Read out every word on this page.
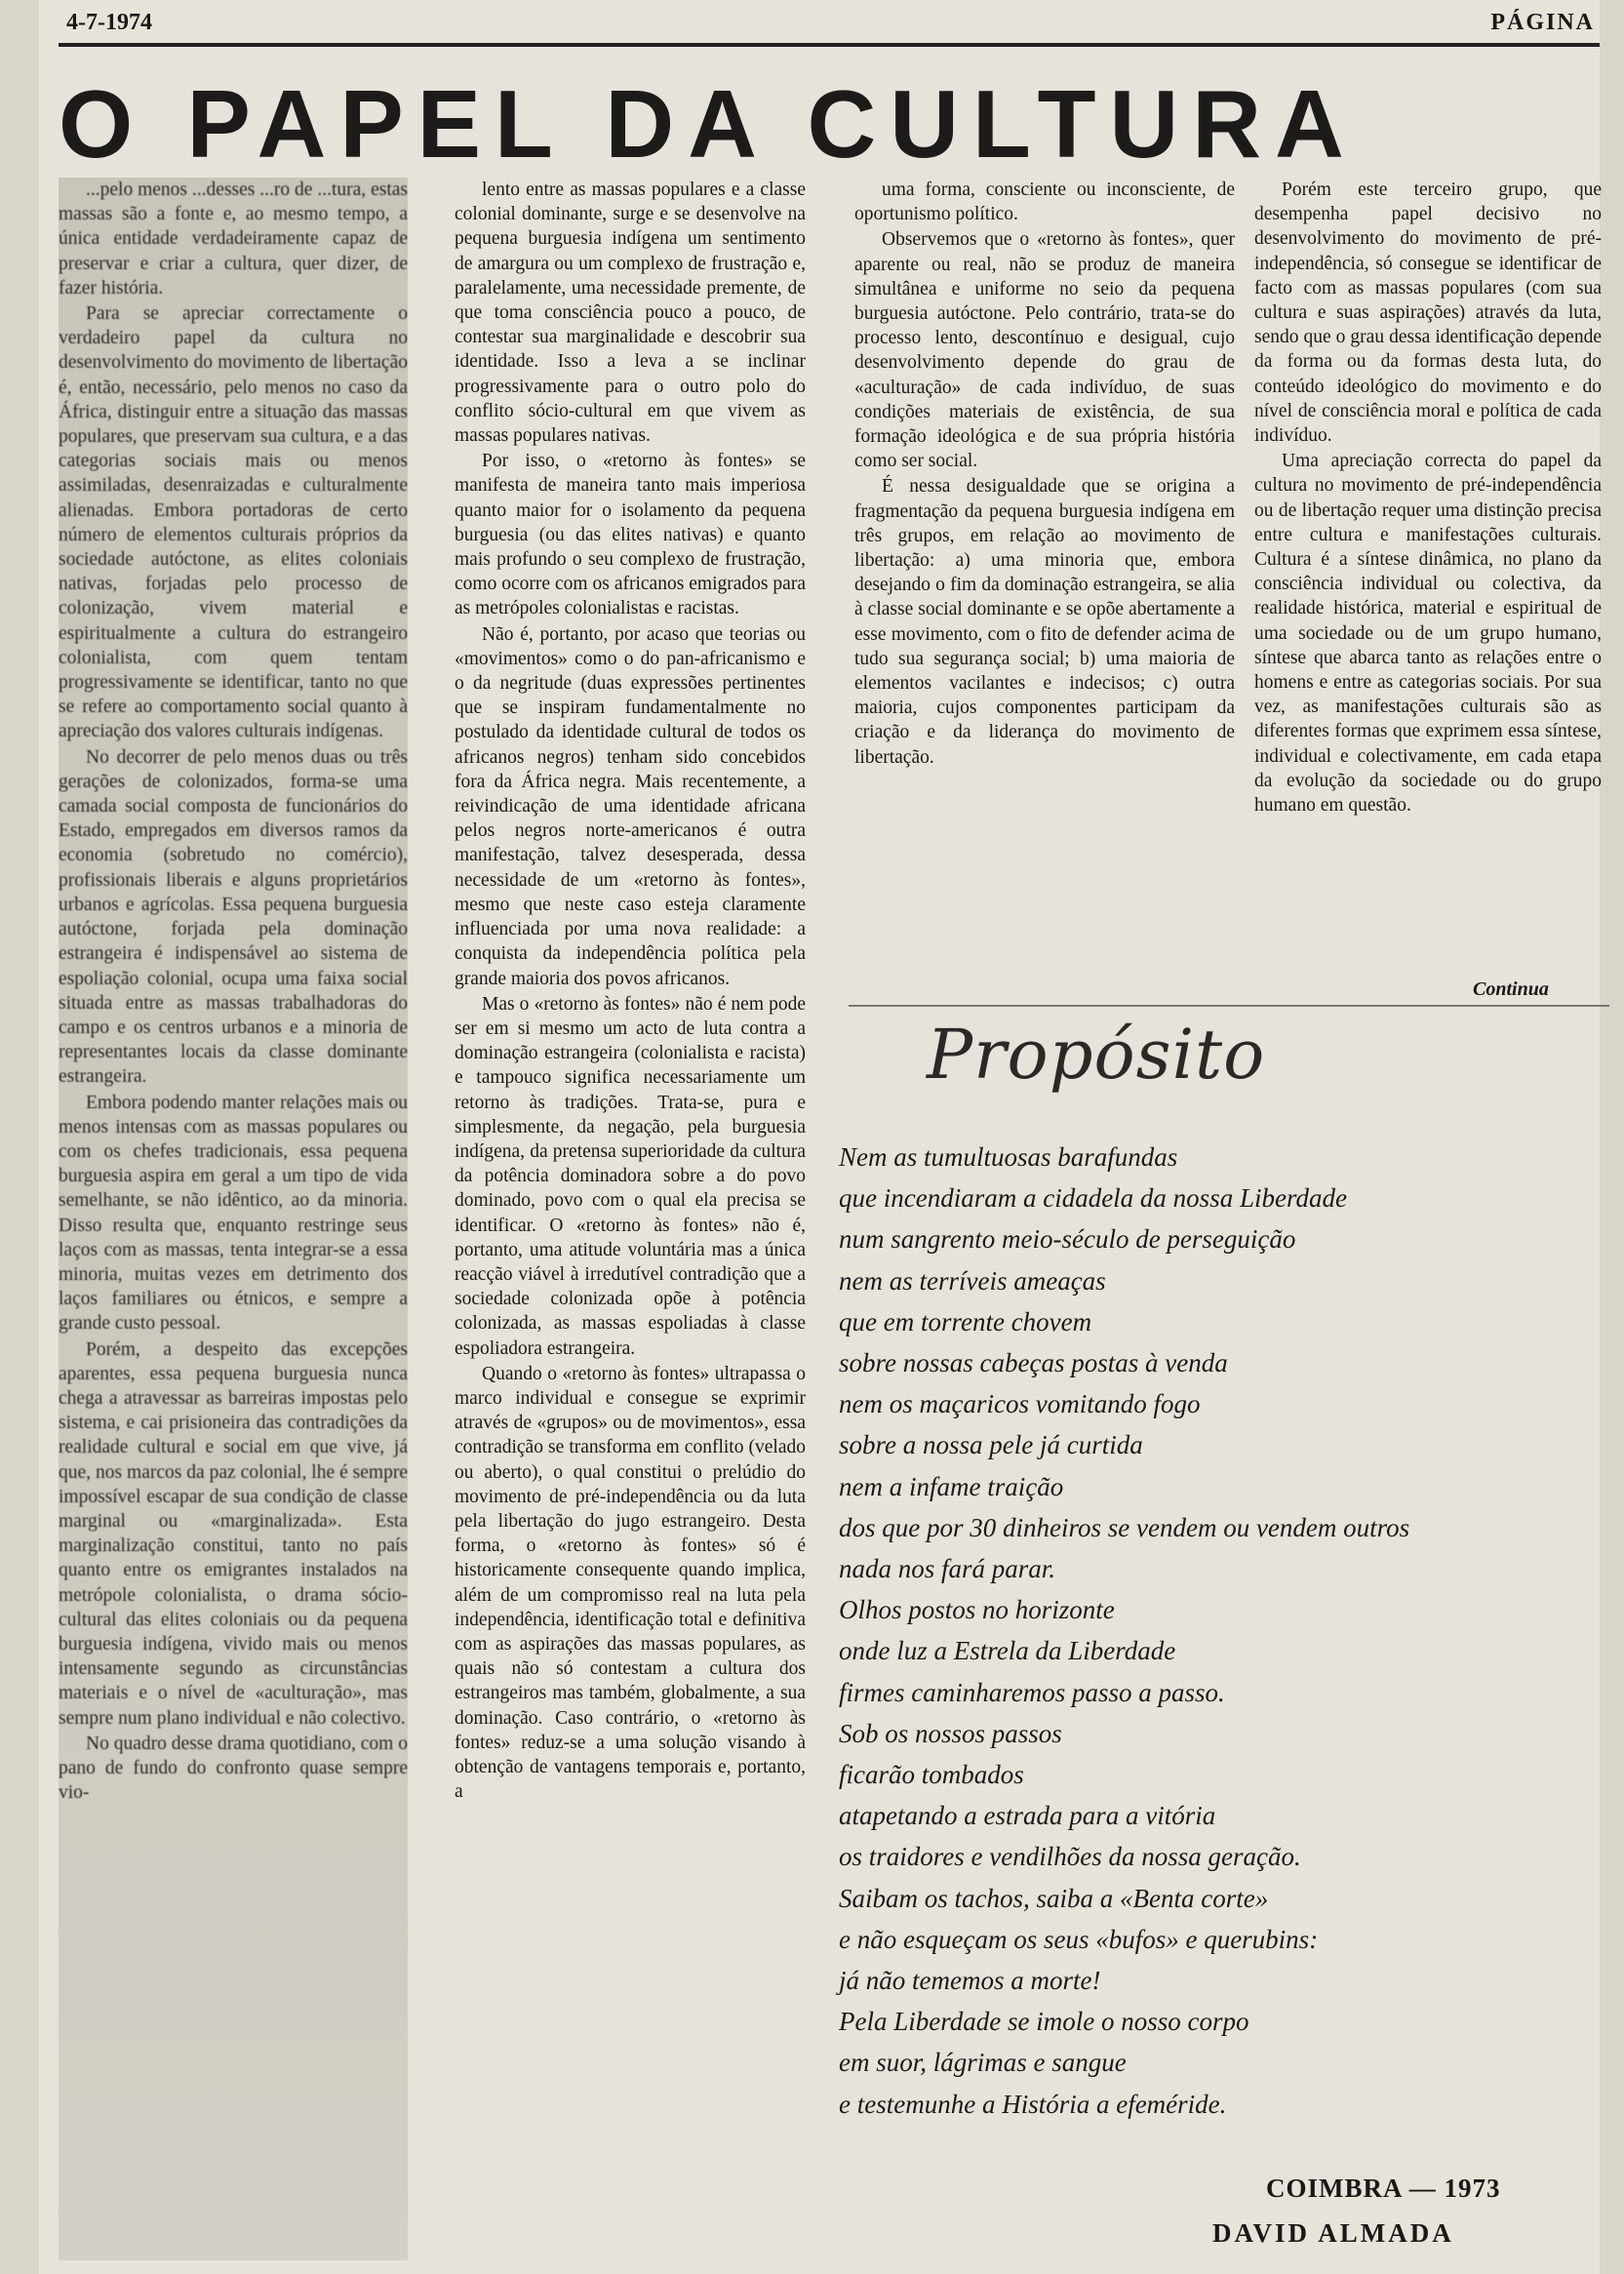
4-7-1974	PÁGINA
O PAPEL DA CULTURA

...pelo menos ...desses ...ro de ...tura, estas massas são a fonte e, ao mesmo tempo, a única entidade verdadeiramente capaz de preservar e criar a cultura, quer dizer, de fazer história.

Para se apreciar correctamente o verdadeiro papel da cultura no desenvolvimento do movimento de libertação é, então, necessário, pelo menos no caso da África, distinguir entre a situação das massas populares, que preservam sua cultura, e a das categorias sociais mais ou menos assimiladas, desenraizadas e culturalmente alienadas. Embora portadoras de certo número de elementos culturais próprios da sociedade autóctone, as elites coloniais nativas, forjadas pelo processo de colonização, vivem material e espiritualmente a cultura do estrangeiro colonialista, com quem tentam progressivamente se identificar, tanto no que se refere ao comportamento social quanto à apreciação dos valores culturais indígenas.

No decorrer de pelo menos duas ou três gerações de colonizados, forma-se uma camada social composta de funcionários do Estado, empregados em diversos ramos da economia (sobretudo no comércio), profissionais liberais e alguns proprietários urbanos e agrícolas. Essa pequena burguesia autóctone, forjada pela dominação estrangeira é indispensável ao sistema de espoliação colonial, ocupa uma faixa social situada entre as massas trabalhadoras do campo e os centros urbanos e a minoria de representantes locais da classe dominante estrangeira.

Embora podendo manter relações mais ou menos intensas com as massas populares ou com os chefes tradicionais, essa pequena burguesia aspira em geral a um tipo de vida semelhante, se não idêntico, ao da minoria. Disso resulta que, enquanto restringe seus laços com as massas, tenta integrar-se a essa minoria, muitas vezes em detrimento dos laços familiares ou étnicos, e sempre a grande custo pessoal.

Porém, a despeito das excepções aparentes, essa pequena burguesia nunca chega a atravessar as barreiras impostas pelo sistema, e cai prisioneira das contradições da realidade cultural e social em que vive, já que, nos marcos da paz colonial, lhe é sempre impossível escapar de sua condição de classe marginal ou «marginalizada». Esta marginalização constitui, tanto no país quanto entre os emigrantes instalados na metrópole colonialista, o drama sócio-cultural das elites coloniais ou da pequena burguesia indígena, vivido mais ou menos intensamente segundo as circunstâncias materiais e o nível de «aculturação», mas sempre num plano individual e não colectivo.

No quadro desse drama quotidiano, com o pano de fundo do confronto quase sempre vio-

lento entre as massas populares e a classe colonial dominante, surge e se desenvolve na pequena burguesia indígena um sentimento de amargura ou um complexo de frustração e, paralelamente, uma necessidade premente, de que toma consciência pouco a pouco, de contestar sua marginalidade e descobrir sua identidade. Isso a leva a se inclinar progressivamente para o outro polo do conflito sócio-cultural em que vivem as massas populares nativas.

Por isso, o «retorno às fontes» se manifesta de maneira tanto mais imperiosa quanto maior for o isolamento da pequena burguesia (ou das elites nativas) e quanto mais profundo o seu complexo de frustração, como ocorre com os africanos emigrados para as metrópoles colonialistas e racistas.

Não é, portanto, por acaso que teorias ou «movimentos» como o do pan-africanismo e o da negritude (duas expressões pertinentes que se inspiram fundamentalmente no postulado da identidade cultural de todos os africanos negros) tenham sido concebidos fora da África negra. Mais recentemente, a reivindicação de uma identidade africana pelos negros norte-americanos é outra manifestação, talvez desesperada, dessa necessidade de um «retorno às fontes», mesmo que neste caso esteja claramente influenciada por uma nova realidade: a conquista da independência política pela grande maioria dos povos africanos.

Mas o «retorno às fontes» não é nem pode ser em si mesmo um acto de luta contra a dominação estrangeira (colonialista e racista) e tampouco significa necessariamente um retorno às tradições. Trata-se, pura e simplesmente, da negação, pela burguesia indígena, da pretensa superioridade da cultura da potência dominadora sobre a do povo dominado, povo com o qual ela precisa se identificar. O «retorno às fontes» não é, portanto, uma atitude voluntária mas a única reacção viável à irredutível contradição que a sociedade colonizada opõe à potência colonizada, as massas espoliadas à classe espoliadora estrangeira.

Quando o «retorno às fontes» ultrapassa o marco individual e consegue se exprimir através de «grupos» ou de movimentos», essa contradição se transforma em conflito (velado ou aberto), o qual constitui o prelúdio do movimento de pré-independência ou da luta pela libertação do jugo estrangeiro. Desta forma, o «retorno às fontes» só é historicamente consequente quando implica, além de um compromisso real na luta pela independência, identificação total e definitiva com as aspirações das massas populares, as quais não só contestam a cultura dos estrangeiros mas também, globalmente, a sua dominação. Caso contrário, o «retorno às fontes» reduz-se a uma solução visando à obtenção de vantagens temporais e, portanto, a

uma forma, consciente ou inconsciente, de oportunismo político.

Observemos que o «retorno às fontes», quer aparente ou real, não se produz de maneira simultânea e uniforme no seio da pequena burguesia autóctone. Pelo contrário, trata-se do processo lento, descontínuo e desigual, cujo desenvolvimento depende do grau de «aculturação» de cada indivíduo, de suas condições materiais de existência, de sua formação ideológica e de sua própria história como ser social.

É nessa desigualdade que se origina a fragmentação da pequena burguesia indígena em três grupos, em relação ao movimento de libertação: a) uma minoria que, embora desejando o fim da dominação estrangeira, se alia à classe social dominante e se opõe abertamente a esse movimento, com o fito de defender acima de tudo sua segurança social; b) uma maioria de elementos vacilantes e indecisos; c) outra maioria, cujos componentes participam da criação e da liderança do movimento de libertação.

Porém este terceiro grupo, que desempenha papel decisivo no desenvolvimento do movimento de pré-independência, só consegue se identificar de facto com as massas populares (com sua cultura e suas aspirações) através da luta, sendo que o grau dessa identificação depende da forma ou da formas desta luta, do conteúdo ideológico do movimento e do nível de consciência moral e política de cada indivíduo.

Uma apreciação correcta do papel da cultura no movimento de pré-independência ou de libertação requer uma distinção precisa entre cultura e manifestações culturais. Cultura é a síntese dinâmica, no plano da consciência individual ou colectiva, da realidade histórica, material e espiritual de uma sociedade ou de um grupo humano, síntese que abarca tanto as relações entre o homens e entre as categorias sociais. Por sua vez, as manifestações culturais são as diferentes formas que exprimem essa síntese, individual e colectivamente, em cada etapa da evolução da sociedade ou do grupo humano em questão.

Continua
Propósito
Nem as tumultuosas barafundas
que incendiaram a cidadela da nossa Liberdade
num sangrento meio-século de perseguição
nem as terríveis ameaças
que em torrente chovem
sobre nossas cabeças postas à venda
nem os maçaricos vomitando fogo
sobre a nossa pele já curtida
nem a infame traição
dos que por 30 dinheiros se vendem ou vendem outros
nada nos fará parar.
Olhos postos no horizonte
onde luz a Estrela da Liberdade
firmes caminharemos passo a passo.
Sob os nossos passos
ficarão tombados
atapetando a estrada para a vitória
os traidores e vendilhões da nossa geração.
Saibam os tachos, saiba a «Benta corte»
e não esqueçam os seus «bufos» e querubins:
já não tememos a morte!
Pela Liberdade se imole o nosso corpo
em suor, lágrimas e sangue
e testemunhe a História a efeméride.
COIMBRA — 1973
DAVID ALMADA
